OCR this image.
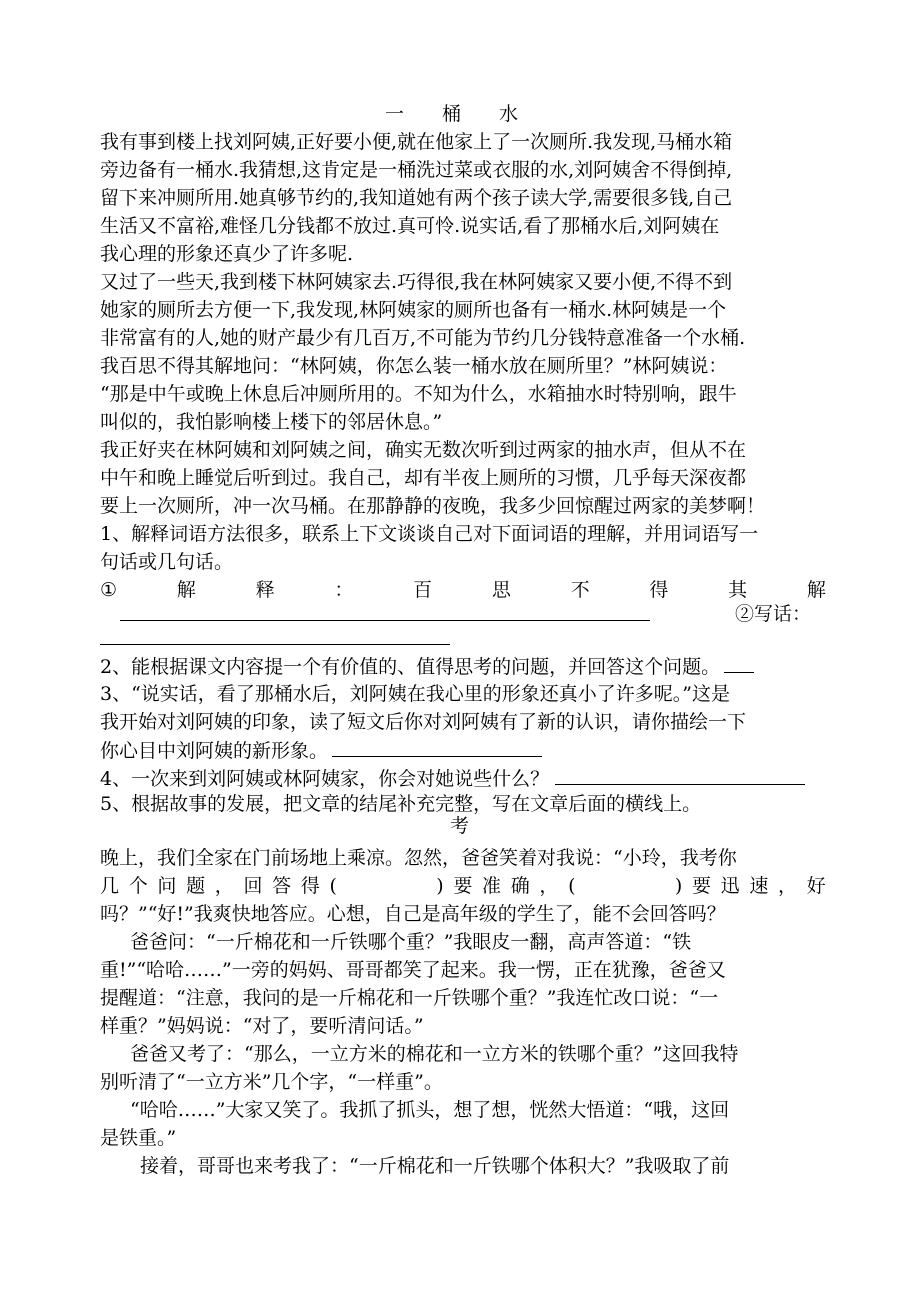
一　　桶　　水
我有事到楼上找刘阿姨,正好要小便,就在他家上了一次厕所.我发现,马桶水箱
旁边备有一桶水.我猜想,这肯定是一桶洗过菜或衣服的水,刘阿姨舍不得倒掉,
留下来冲厕所用.她真够节约的,我知道她有两个孩子读大学,需要很多钱,自己
生活又不富裕,难怪几分钱都不放过.真可怜.说实话,看了那桶水后,刘阿姨在
我心理的形象还真少了许多呢.
又过了一些天,我到楼下林阿姨家去.巧得很,我在林阿姨家又要小便,不得不到
她家的厕所去方便一下,我发现,林阿姨家的厕所也备有一桶水.林阿姨是一个
非常富有的人,她的财产最少有几百万,不可能为节约几分钱特意准备一个水桶.
我百思不得其解地问：“林阿姨，你怎么装一桶水放在厕所里？”林阿姨说：
“那是中午或晚上休息后冲厕所用的。不知为什么，水箱抽水时特别响，跟牛
叫似的，我怕影响楼上楼下的邻居休息。”
我正好夹在林阿姨和刘阿姨之间，确实无数次听到过两家的抽水声，但从不在
中午和晚上睡觉后听到过。我自己，却有半夜上厕所的习惯，几乎每天深夜都
要上一次厕所，冲一次马桶。在那静静的夜晚，我多少回惊醒过两家的美梦啊！
1、解释词语方法很多，联系上下文谈谈自己对下面词语的理解，并用词语写一
句话或几句话。
①	解	释	：	百	思	不	得	其	解
②写话：
2、能根据课文内容提一个有价值的、值得思考的问题，并回答这个问题。
3、“说实话，看了那桶水后，刘阿姨在我心里的形象还真小了许多呢。”这是
我开始对刘阿姨的印象，读了短文后你对刘阿姨有了新的认识，请你描绘一下
你心目中刘阿姨的新形象。
4、一次来到刘阿姨或林阿姨家，你会对她说些什么？
5、根据故事的发展，把文章的结尾补充完整，写在文章后面的横线上。
考
晚上，我们全家在门前场地上乘凉。忽然，爸爸笑着对我说：“小玲，我考你
几 个 问 题 ， 回 答 得 (	) 要 准 确 ， (	) 要 迅 速 ， 好
吗？”“好!”我爽快地答应。心想，自己是高年级的学生了，能不会回答吗？
爸爸问：“一斤棉花和一斤铁哪个重？”我眼皮一翻，高声答道：“铁
重!”“哈哈……”一旁的妈妈、哥哥都笑了起来。我一愣，正在犹豫，爸爸又
提醒道：“注意，我问的是一斤棉花和一斤铁哪个重？”我连忙改口说：“一
样重？”妈妈说：“对了，要听清问话。”
爸爸又考了：“那么，一立方米的棉花和一立方米的铁哪个重？”这回我特
别听清了“一立方米”几个字，“一样重”。
“哈哈……”大家又笑了。我抓了抓头，想了想，恍然大悟道：“哦，这回
是铁重。”
接着，哥哥也来考我了：“一斤棉花和一斤铁哪个体积大？”我吸取了前
